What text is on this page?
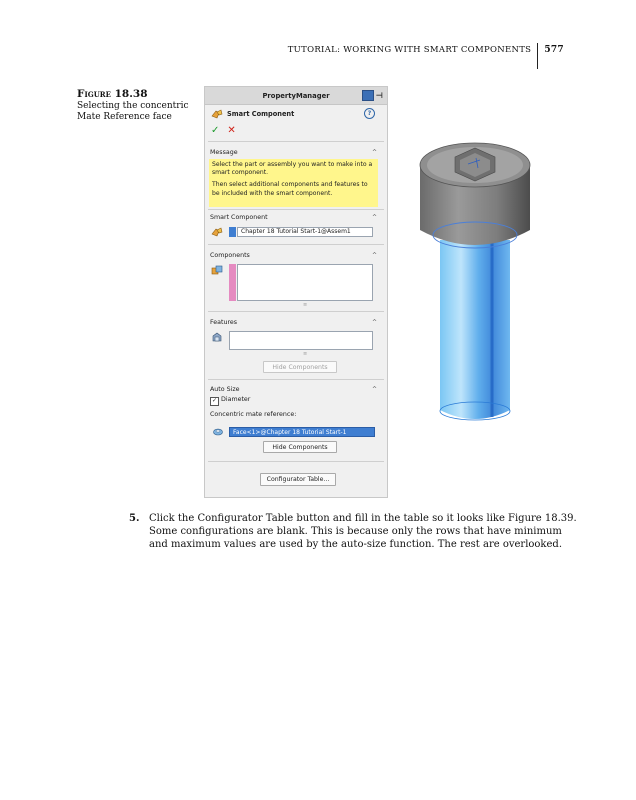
TUTORIAL: WORKING WITH SMART COMPONENTS 577
Figure 18.38
Selecting the concentric Mate Reference face
PropertyManager	⊣
Smart Component	?
✓ ✕
Message	^

Select the part or assembly you want to make into a smart component.

Then select additional components and features to be included with the smart component.

Smart Component	^
Chapter 18 Tutorial Start-1@Assem1
Components	^
≡
Features	^
≡
Hide Components
Auto Size	^
✓ Diameter
Concentric mate reference:
Face<1>@Chapter 18 Tutorial Start-1
Hide Components
Configurator Table...
5. Click the Configurator Table button and fill in the table so it looks like Figure 18.39. Some configurations are blank. This is because only the rows that have minimum and maximum values are used by the auto-size function. The rest are overlooked.
